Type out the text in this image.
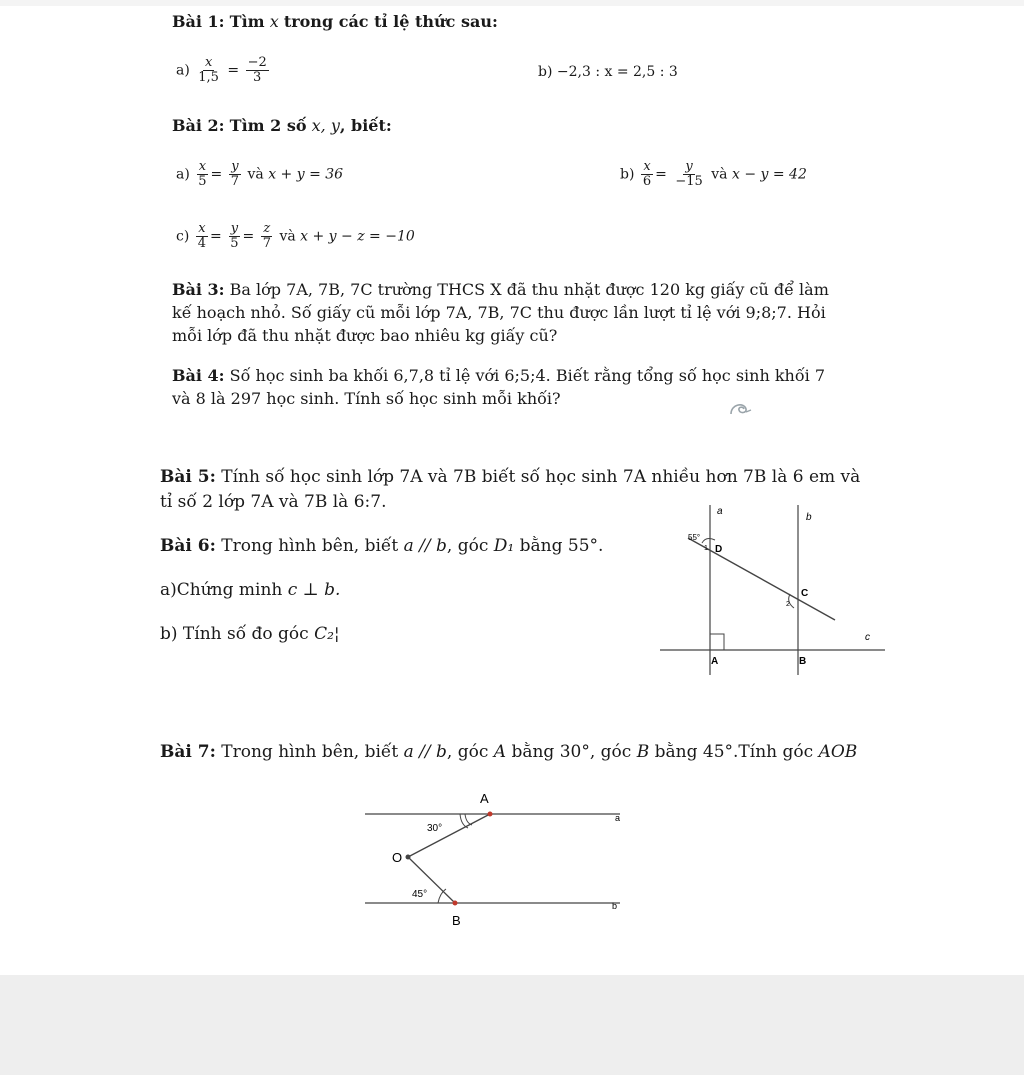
Bài 1: Tìm x trong các tỉ lệ thức sau:
$a) \frac{x}{1,5} = \frac{-2}{3}$	b) −2,3 : x = 2,5 : 3
Bài 2: Tìm 2 số x, y, biết:
$a) \frac{x}{5} = \frac{y}{7}$ và x + y = 36	$b) \frac{x}{6} = \frac{y}{-15}$ và x − y = 42
$c) \frac{x}{4} = \frac{y}{5} = \frac{z}{7}$ và x + y − z = −10
Bài 3: Ba lớp 7A, 7B, 7C trường THCS X đã thu nhặt được 120 kg giấy cũ để làm
kế hoạch nhỏ. Số giấy cũ mỗi lớp 7A, 7B, 7C thu được lần lượt tỉ lệ với 9;8;7. Hỏi
mỗi lớp đã thu nhặt được bao nhiêu kg giấy cũ?
Bài 4: Số học sinh ba khối 6,7,8 tỉ lệ với 6;5;4. Biết rằng tổng số học sinh khối 7
và 8 là 297 học sinh. Tính số học sinh mỗi khối?
Bài 5: Tính số học sinh lớp 7A và 7B biết số học sinh 7A nhiều hơn 7B là 6 em và
tỉ số 2 lớp 7A và 7B là 6:7.
Bài 6: Trong hình bên, biết a // b, góc D₁ bằng 55°.
a)Chứng minh c ⊥ b.
b) Tính số đo góc C₂¦
a
b
c
D
C
A	B
55°
1
2
Bài 7: Trong hình bên, biết a // b, góc A bằng 30°, góc B bằng 45°.Tính góc AOB
A
O
B
a
b
30°
45°
